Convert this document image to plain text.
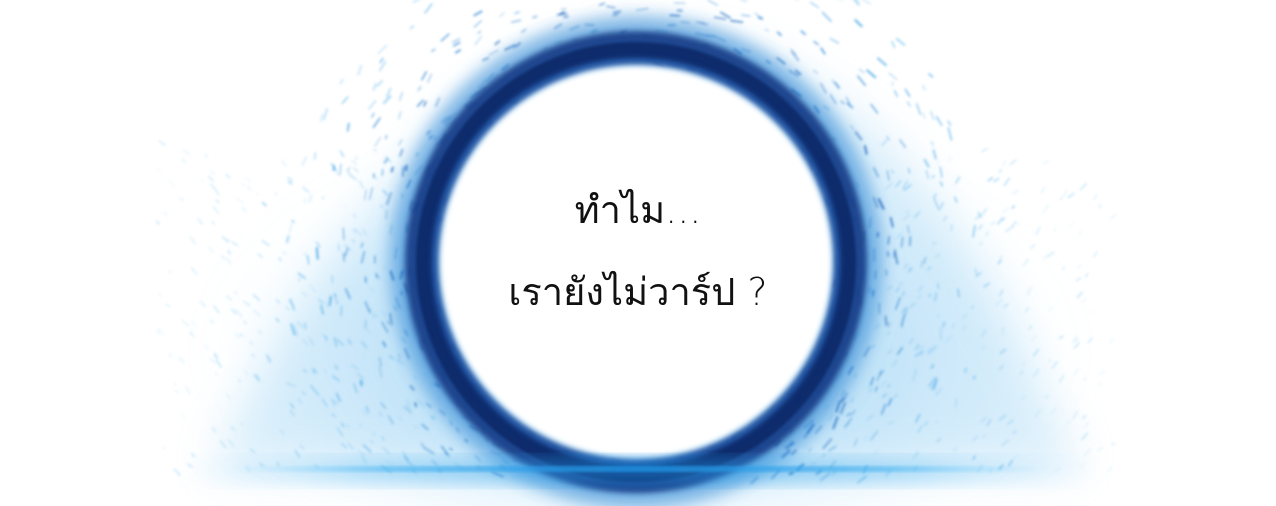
ทำไม...
เรายังไม่วาร์ป ?
